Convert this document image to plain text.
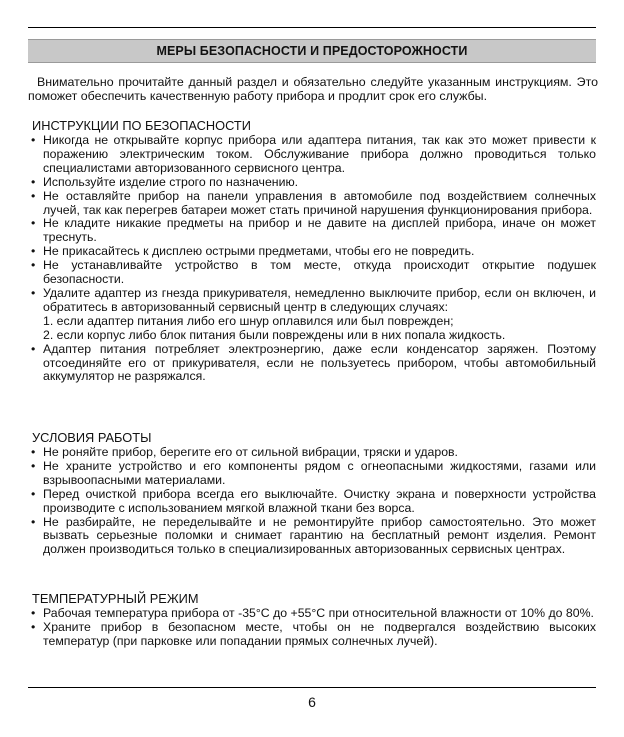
МЕРЫ БЕЗОПАСНОСТИ И ПРЕДОСТОРОЖНОСТИ

Внимательно прочитайте данный раздел и обязательно следуйте указанным инструкциям. Это поможет обеспечить качественную работу прибора и продлит срок его службы.

ИНСТРУКЦИИ ПО БЕЗОПАСНОСТИ
• Никогда не открывайте корпус прибора или адаптера питания, так как это может привести к поражению электрическим током. Обслуживание прибора должно проводиться только специалистами авторизованного сервисного центра.
• Используйте изделие строго по назначению.
• Не оставляйте прибор на панели управления в автомобиле под воздействием солнечных лучей, так как перегрев батареи может стать причиной нарушения функционирования прибора.
• Не кладите никакие предметы на прибор и не давите на дисплей прибора, иначе он может треснуть.
• Не прикасайтесь к дисплею острыми предметами, чтобы его не повредить.
• Не устанавливайте устройство в том месте, откуда происходит открытие подушек безопасности.
• Удалите адаптер из гнезда прикуривателя, немедленно выключите прибор, если он включен, и обратитесь в авторизованный сервисный центр в следующих случаях:
1. если адаптер питания либо его шнур оплавился или был поврежден;
2. если корпус либо блок питания были повреждены или в них попала жидкость.
• Адаптер питания потребляет электроэнергию, даже если конденсатор заряжен. Поэтому отсоединяйте его от прикуривателя, если не пользуетесь прибором, чтобы автомобильный аккумулятор не разряжался.
УСЛОВИЯ РАБОТЫ
• Не роняйте прибор, берегите его от сильной вибрации, тряски и ударов.
• Не храните устройство и его компоненты рядом с огнеопасными жидкостями, газами или взрывоопасными материалами.
• Перед очисткой прибора всегда его выключайте. Очистку экрана и поверхности устройства производите с использованием мягкой влажной ткани без ворса.
• Не разбирайте, не переделывайте и не ремонтируйте прибор самостоятельно. Это может вызвать серьезные поломки и снимает гарантию на бесплатный ремонт изделия. Ремонт должен производиться только в специализированных авторизованных сервисных центрах.
ТЕМПЕРАТУРНЫЙ РЕЖИМ
• Рабочая температура прибора от -35°С до +55°С при относительной влажности от 10% до 80%.
• Храните прибор в безопасном месте, чтобы он не подвергался воздействию высоких температур (при парковке или попадании прямых солнечных лучей).
6
